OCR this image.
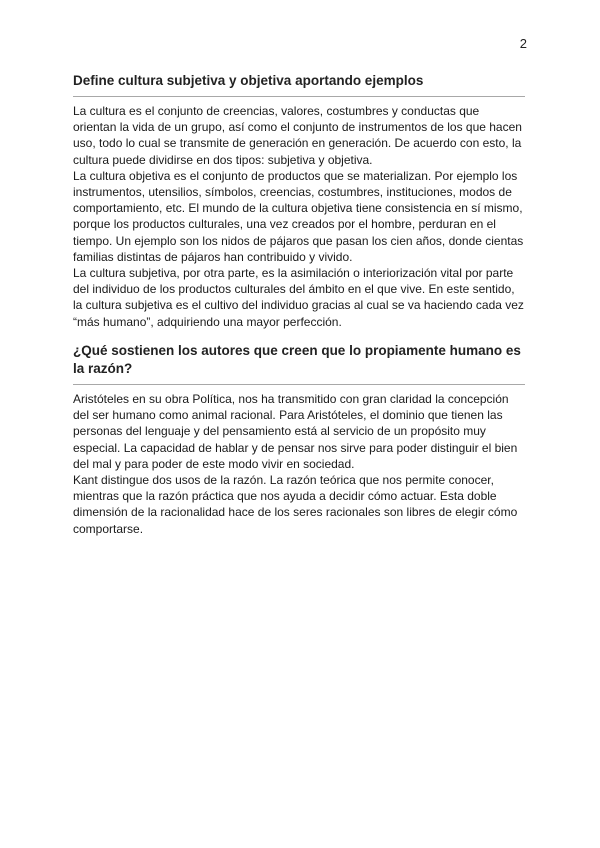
2
Define cultura subjetiva y objetiva aportando ejemplos

La cultura es el conjunto de creencias, valores, costumbres y conductas que orientan la vida de un grupo, así como el conjunto de instrumentos de los que hacen uso, todo lo cual se transmite de generación en generación. De acuerdo con esto, la cultura puede dividirse en dos tipos: subjetiva y objetiva.

La cultura objetiva es el conjunto de productos que se materializan. Por ejemplo los instrumentos, utensilios, símbolos, creencias, costumbres, instituciones, modos de comportamiento, etc. El mundo de la cultura objetiva tiene consistencia en sí mismo, porque los productos culturales, una vez creados por el hombre, perduran en el tiempo. Un ejemplo son los nidos de pájaros que pasan los cien años, donde cientas familias distintas de pájaros han contribuido y vivido.

La cultura subjetiva, por otra parte, es la asimilación o interiorización vital por parte del individuo de los productos culturales del ámbito en el que vive. En este sentido, la cultura subjetiva es el cultivo del individuo gracias al cual se va haciendo cada vez “más humano”, adquiriendo una mayor perfección.

¿Qué sostienen los autores que creen que lo propiamente humano es la razón?

Aristóteles en su obra Política, nos ha transmitido con gran claridad la concepción del ser humano como animal racional. Para Aristóteles, el dominio que tienen las personas del lenguaje y del pensamiento está al servicio de un propósito muy especial. La capacidad de hablar y de pensar nos sirve para poder distinguir el bien del mal y para poder de este modo vivir en sociedad.

Kant distingue dos usos de la razón. La razón teórica que nos permite conocer, mientras que la razón práctica que nos ayuda a decidir cómo actuar. Esta doble dimensión de la racionalidad hace de los seres racionales son libres de elegir cómo comportarse.
